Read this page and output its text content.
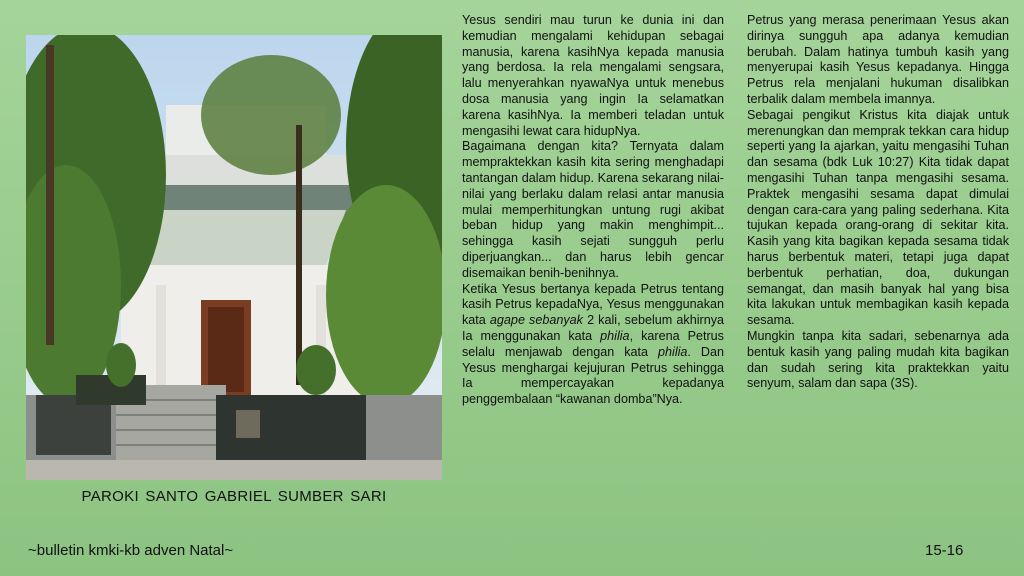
PAROKI SANTO GABRIEL SUMBER SARI

Yesus sendiri mau turun ke dunia ini dan kemudian mengalami kehidupan sebagai manusia, karena kasihNya kepada manusia yang berdosa. Ia rela mengalami sengsara, lalu menyerahkan nyawaNya untuk menebus dosa manusia yang ingin Ia selamatkan karena kasihNya. Ia memberi teladan untuk mengasihi lewat cara hidupNya.

Bagaimana dengan kita? Ternyata dalam mempraktekkan kasih kita sering menghadapi tantangan dalam hidup. Karena sekarang nilai-nilai yang berlaku dalam relasi antar manusia mulai memperhitungkan untung rugi akibat beban hidup yang makin menghimpit... sehingga kasih sejati sungguh perlu diperjuangkan... dan harus lebih gencar disemaikan benih-benihnya.

Ketika Yesus bertanya kepada Petrus tentang kasih Petrus kepadaNya, Yesus menggunakan kata agape sebanyak 2 kali, sebelum akhirnya Ia menggunakan kata philia, karena Petrus selalu menjawab dengan kata philia. Dan Yesus menghargai kejujuran Petrus sehingga Ia mempercayakan kepadanya penggembalaan “kawanan domba”Nya.

Petrus yang merasa penerimaan Yesus akan dirinya sungguh apa adanya kemudian berubah. Dalam hatinya tumbuh kasih yang menyerupai kasih Yesus kepadanya. Hingga Petrus rela menjalani hukuman disalibkan terbalik dalam membela imannya.

Sebagai pengikut Kristus kita diajak untuk merenungkan dan memprak tekkan cara hidup seperti yang Ia ajarkan, yaitu mengasihi Tuhan dan sesama (bdk Luk 10:27) Kita tidak dapat mengasihi Tuhan tanpa mengasihi sesama. Praktek mengasihi sesama dapat dimulai dengan cara-cara yang paling sederhana. Kita tujukan kepada orang-orang di sekitar kita. Kasih yang kita bagikan kepada sesama tidak harus berbentuk materi, tetapi juga dapat berbentuk perhatian, doa, dukungan semangat, dan masih banyak hal yang bisa kita lakukan untuk membagikan kasih kepada sesama.

Mungkin tanpa kita sadari, sebenarnya ada bentuk kasih yang paling mudah kita bagikan dan sudah sering kita praktekkan yaitu senyum, salam dan sapa (3S).

~bulletin kmki-kb adven Natal~	15-16
